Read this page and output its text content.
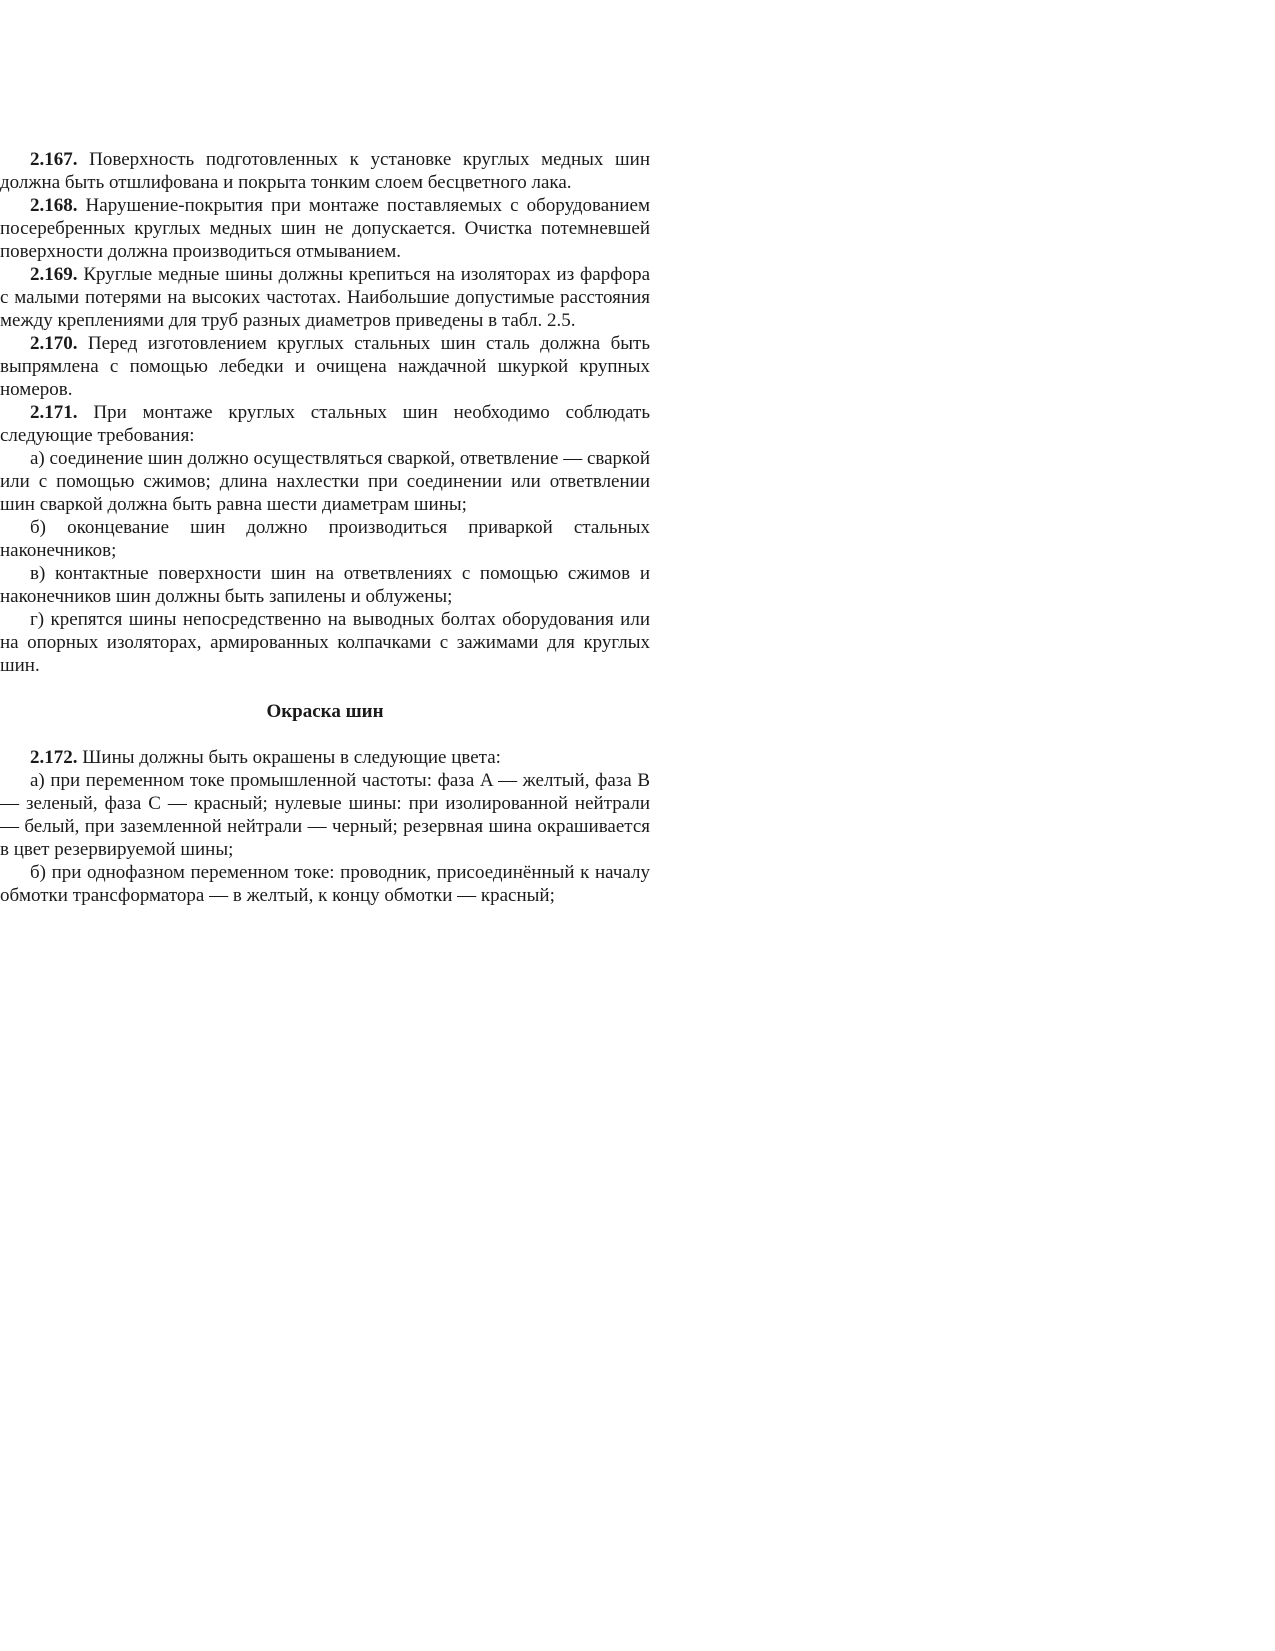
2.167. Поверхность подготовленных к установке круглых медных шин должна быть отшлифована и покрыта тонким слоем бесцветного лака.

2.168. Нарушение-покрытия при монтаже поставляемых с оборудованием посеребренных круглых медных шин не допускается. Очистка потемневшей поверхности должна производиться отмыванием.

2.169. Круглые медные шины должны крепиться на изоляторах из фарфора с малыми потерями на высоких частотах. Наибольшие допустимые расстояния между креплениями для труб разных диаметров приведены в табл. 2.5.

2.170. Перед изготовлением круглых стальных шин сталь должна быть выпрямлена с помощью лебедки и очищена наждачной шкуркой крупных номеров.

2.171. При монтаже круглых стальных шин необходимо соблюдать следующие требования:

а) соединение шин должно осуществляться сваркой, ответвление — сваркой или с помощью сжимов; длина нахлестки при соединении или ответвлении шин сваркой должна быть равна шести диаметрам шины;

б) оконцевание шин должно производиться приваркой стальных наконечников;

в) контактные поверхности шин на ответвлениях с помощью сжимов и наконечников шин должны быть запилены и облужены;

г) крепятся шины непосредственно на выводных болтах оборудования или на опорных изоляторах, армированных колпачками с зажимами для круглых шин.

Окраска шин

2.172. Шины должны быть окрашены в следующие цвета:

а) при переменном токе промышленной частоты: фаза A — желтый, фаза B — зеленый, фаза C — красный; нулевые шины: при изолированной нейтрали — белый, при заземленной нейтрали — черный; резервная шина окрашивается в цвет резервируемой шины;

б) при однофазном переменном токе: проводник, присоединённый к началу обмотки трансформатора — в желтый, к концу обмотки — красный;
